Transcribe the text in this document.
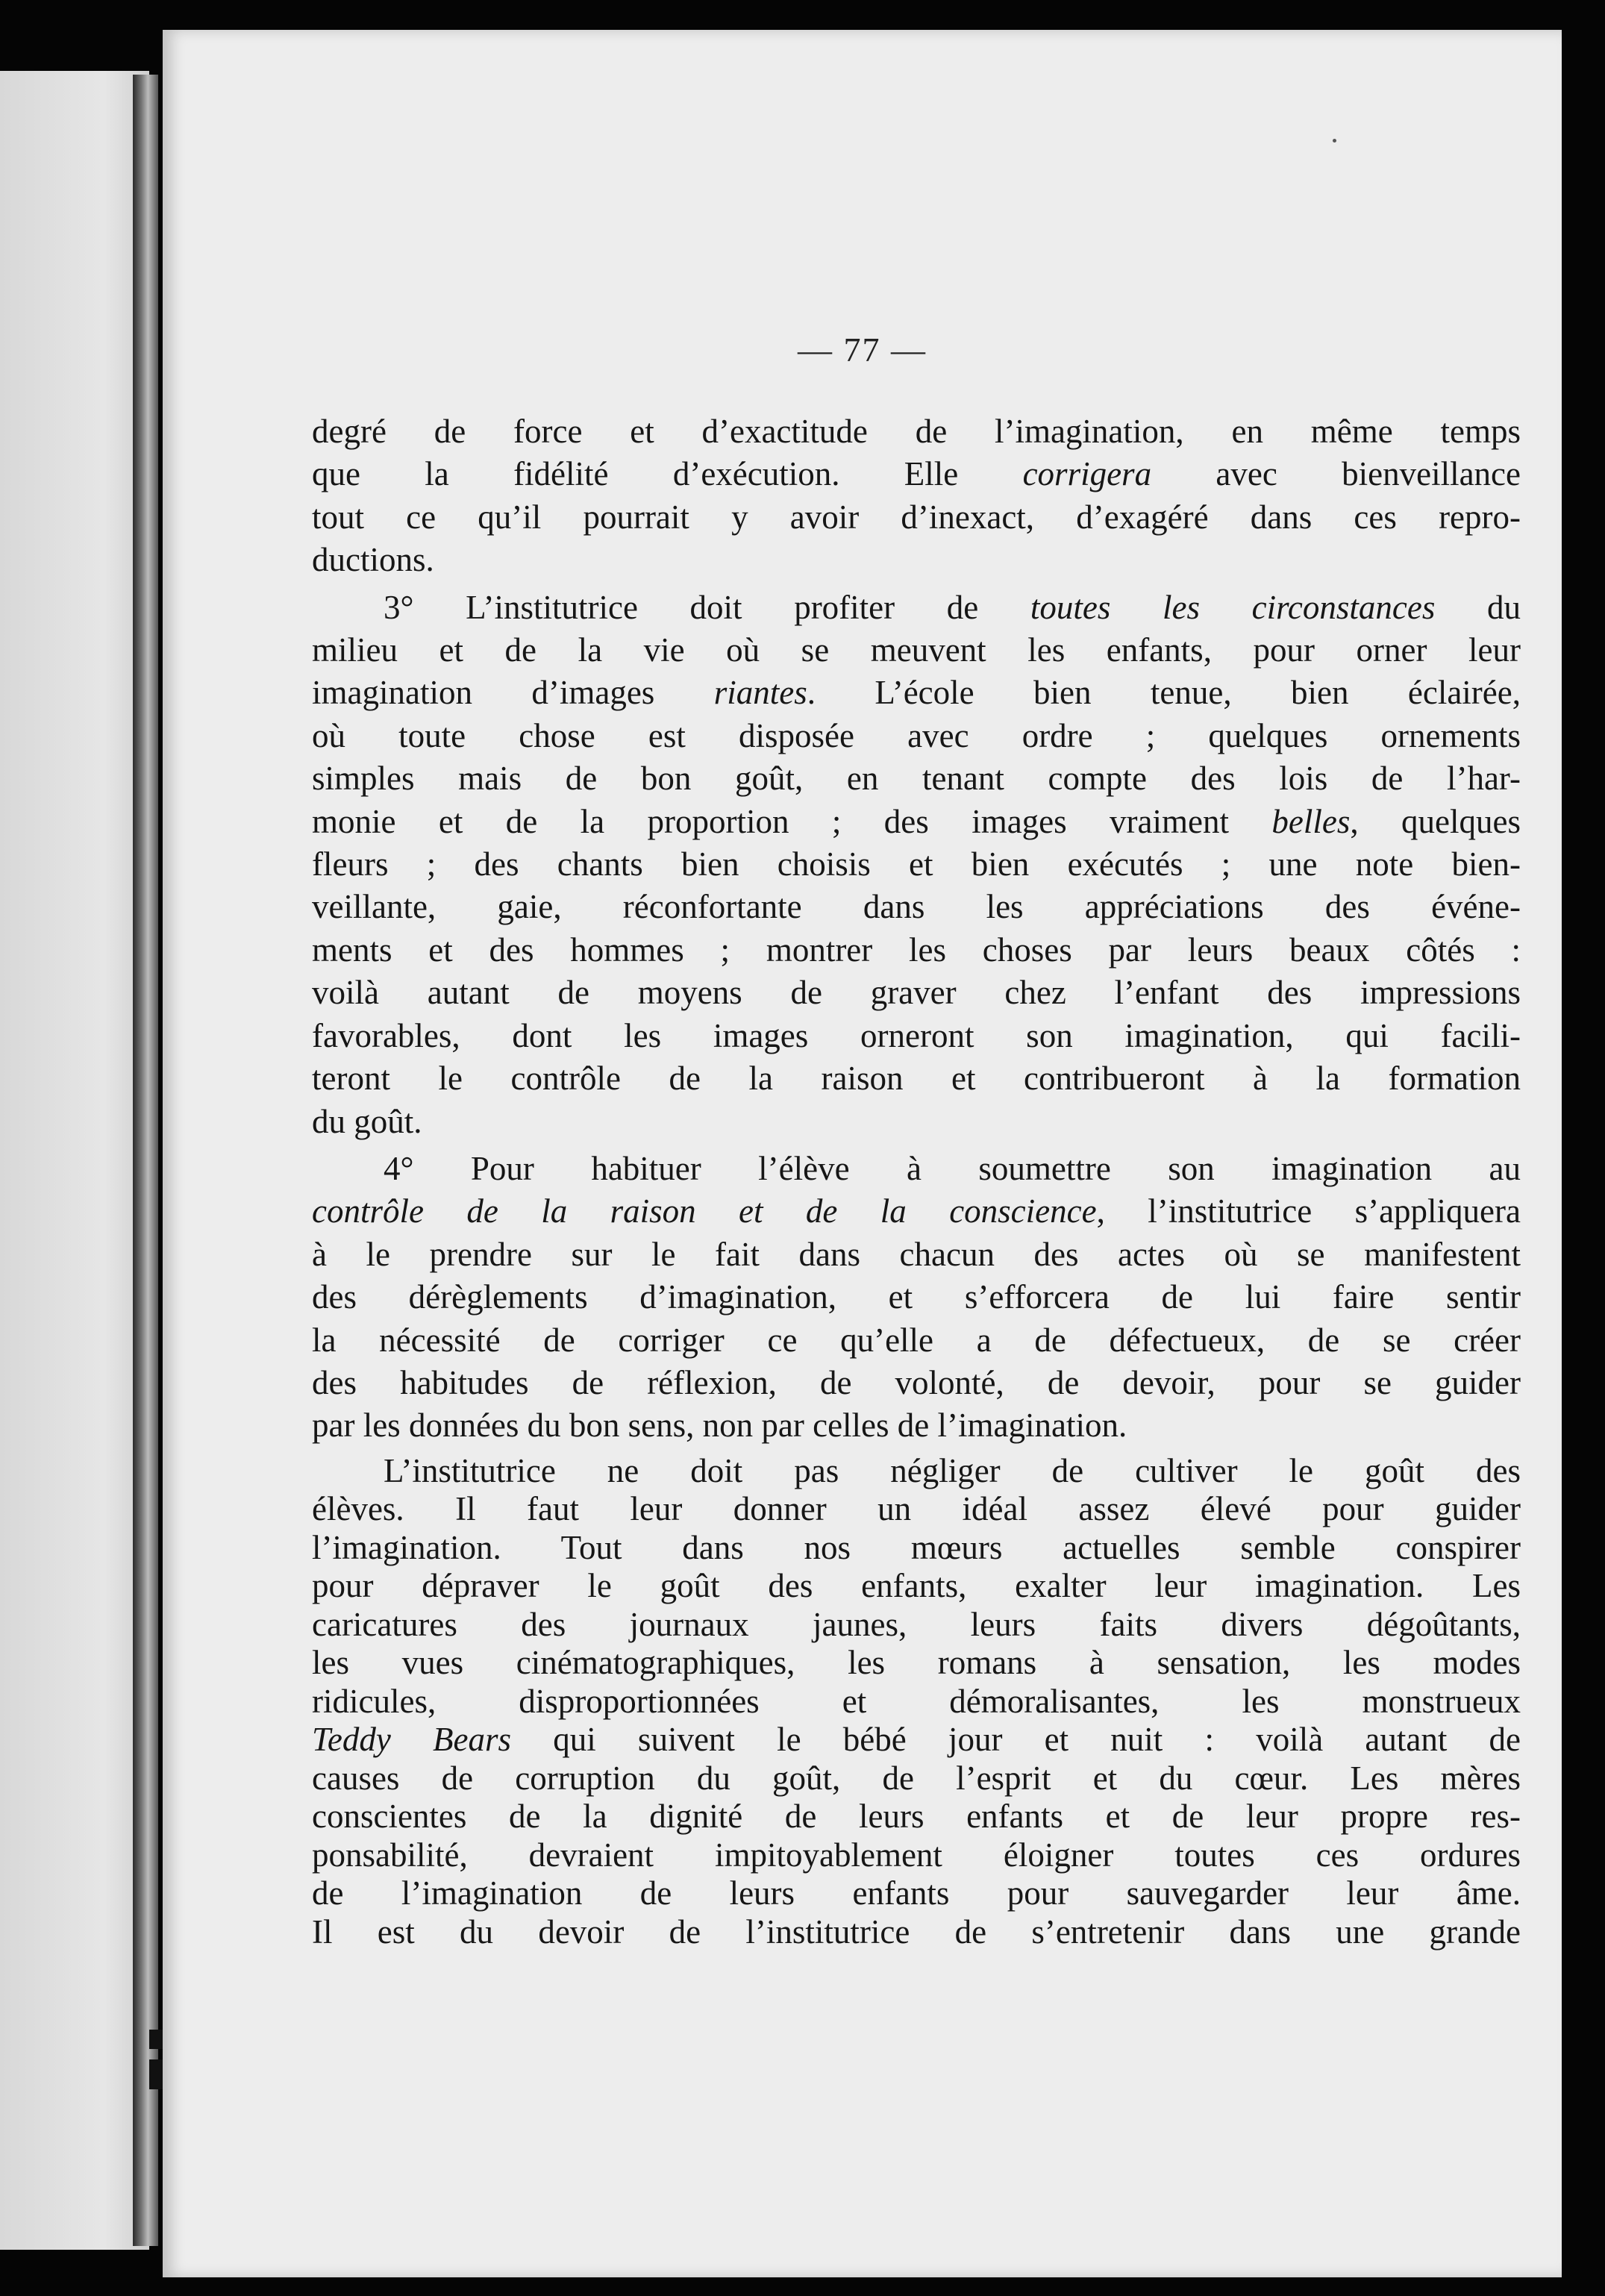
— 77 —

degré de force et d’exactitude de l’imagination, en même temps
que la fidélité d’exécution. Elle corrigera avec bienveillance
tout ce qu’il pourrait y avoir d’inexact, d’exagéré dans ces repro-
ductions.

3° L’institutrice doit profiter de toutes les circonstances du
milieu et de la vie où se meuvent les enfants, pour orner leur
imagination d’images riantes. L’école bien tenue, bien éclairée,
où toute chose est disposée avec ordre ; quelques ornements
simples mais de bon goût, en tenant compte des lois de l’har-
monie et de la proportion ; des images vraiment belles, quelques
fleurs ; des chants bien choisis et bien exécutés ; une note bien-
veillante, gaie, réconfortante dans les appréciations des événe-
ments et des hommes ; montrer les choses par leurs beaux côtés :
voilà autant de moyens de graver chez l’enfant des impressions
favorables, dont les images orneront son imagination, qui facili-
teront le contrôle de la raison et contribueront à la formation
du goût.

4° Pour habituer l’élève à soumettre son imagination au
contrôle de la raison et de la conscience, l’institutrice s’appliquera
à le prendre sur le fait dans chacun des actes où se manifestent
des dérèglements d’imagination, et s’efforcera de lui faire sentir
la nécessité de corriger ce qu’elle a de défectueux, de se créer
des habitudes de réflexion, de volonté, de devoir, pour se guider
par les données du bon sens, non par celles de l’imagination.

L’institutrice ne doit pas négliger de cultiver le goût des
élèves. Il faut leur donner un idéal assez élevé pour guider
l’imagination. Tout dans nos mœurs actuelles semble conspirer
pour dépraver le goût des enfants, exalter leur imagination. Les
caricatures des journaux jaunes, leurs faits divers dégoûtants,
les vues cinématographiques, les romans à sensation, les modes
ridicules, disproportionnées et démoralisantes, les monstrueux
Teddy Bears qui suivent le bébé jour et nuit : voilà autant de
causes de corruption du goût, de l’esprit et du cœur. Les mères
conscientes de la dignité de leurs enfants et de leur propre res-
ponsabilité, devraient impitoyablement éloigner toutes ces ordures
de l’imagination de leurs enfants pour sauvegarder leur âme.
Il est du devoir de l’institutrice de s’entretenir dans une grande
